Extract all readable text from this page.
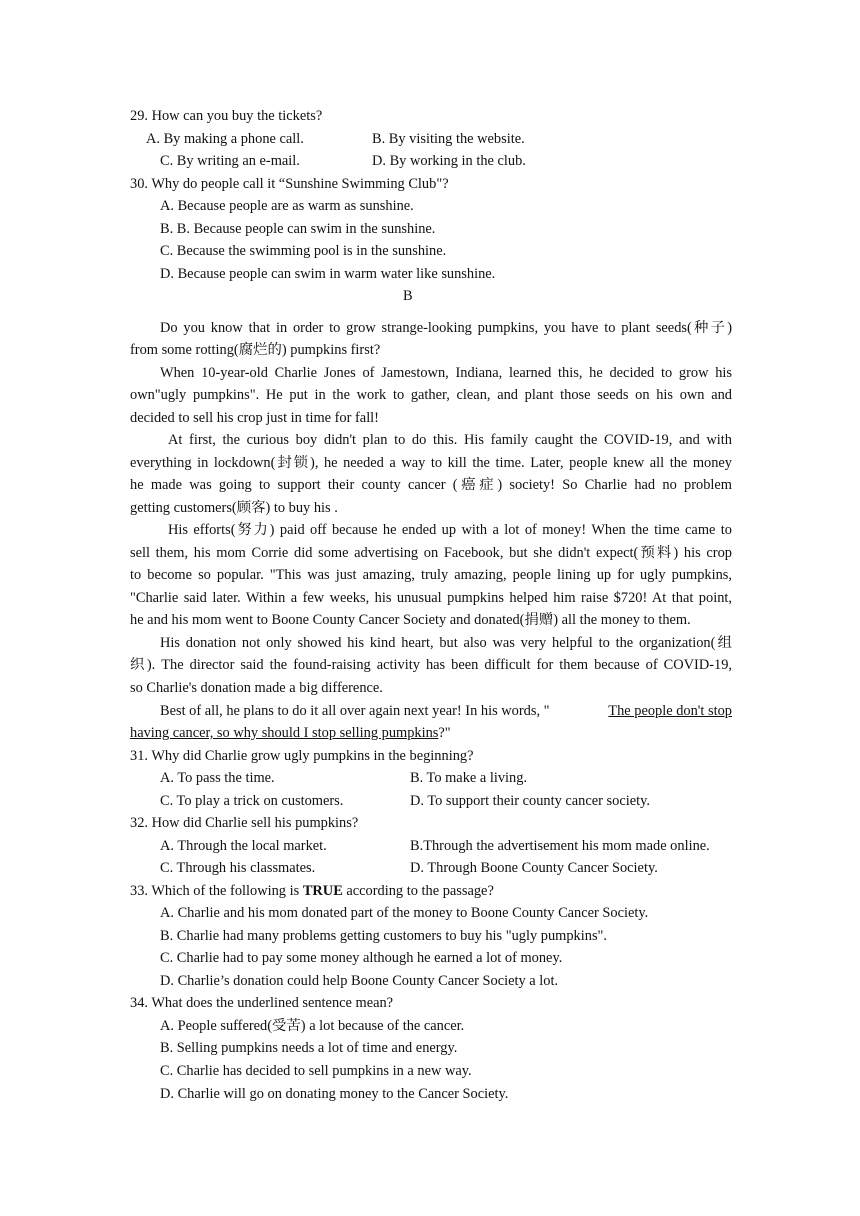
29. How can you buy the tickets?
A. By making a phone call.	B. By visiting the website.
C. By writing an e-mail.	D. By working in the club.
30. Why do people call it “Sunshine Swimming Club"?
A. Because people are as warm as sunshine.
B. B. Because people can swim in the sunshine.
C. Because the swimming pool is in the sunshine.
D. Because people can swim in warm water like sunshine.
B
Do you know that in order to grow strange-looking pumpkins, you have to plant seeds(种子)
from some rotting(腐烂的) pumpkins first?
When 10-year-old Charlie Jones of Jamestown, Indiana, learned this, he decided to grow his
own"ugly pumpkins". He put in the work to gather, clean, and plant those seeds on his own and
decided to sell his crop just in time for fall!
At first, the curious boy didn't plan to do this. His family caught the COVID-19, and with
everything in lockdown(封锁), he needed a way to kill the time. Later, people knew all the money
he made was going to support their county cancer (癌症) society! So Charlie had no problem
getting customers(顾客) to buy his .
His efforts(努力) paid off because he ended up with a lot of money! When the time came to
sell them, his mom Corrie did some advertising on Facebook, but she didn't expect(预料) his crop
to become so popular. "This was just amazing, truly amazing, people lining up for ugly pumpkins,
"Charlie said later. Within a few weeks, his unusual pumpkins helped him raise $720! At that point,
he and his mom went to Boone County Cancer Society and donated(捐赠) all the money to them.
His donation not only showed his kind heart, but also was very helpful to the organization(组
织). The director said the found-raising activity has been difficult for them because of COVID-19,
so Charlie's donation made a big difference.
Best of all, he plans to do it all over again next year! In his words, "	The people don't stop
having cancer, so why should I stop selling pumpkins?"
31. Why did Charlie grow ugly pumpkins in the beginning?
A. To pass the time.	B. To make a living.
C. To play a trick on customers.	D. To support their county cancer society.
32. How did Charlie sell his pumpkins?
A. Through the local market.	B.Through the advertisement his mom made online.
C. Through his classmates.	D. Through Boone County Cancer Society.
33. Which of the following is TRUE according to the passage?
A. Charlie and his mom donated part of the money to Boone County Cancer Society.
B. Charlie had many problems getting customers to buy his "ugly pumpkins".
C. Charlie had to pay some money although he earned a lot of money.
D. Charlie’s donation could help Boone County Cancer Society a lot.
34. What does the underlined sentence mean?
A. People suffered(受苦) a lot because of the cancer.
B. Selling pumpkins needs a lot of time and energy.
C. Charlie has decided to sell pumpkins in a new way.
D. Charlie will go on donating money to the Cancer Society.
